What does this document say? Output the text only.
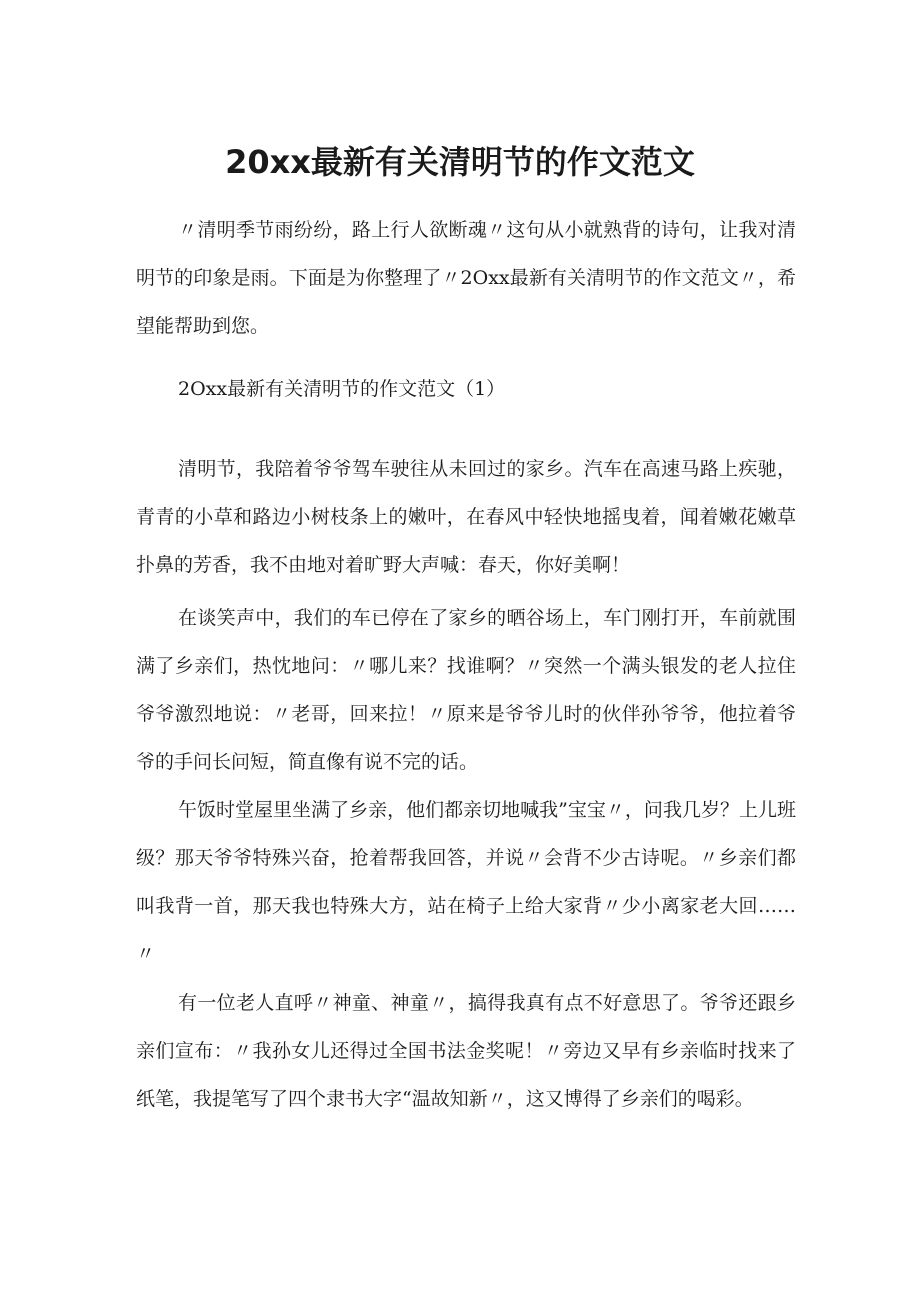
20xx最新有关清明节的作文范文

〃清明季节雨纷纷，路上行人欲断魂〃这句从小就熟背的诗句，让我对清明节的印象是雨。下面是为你整理了〃2Oxx最新有关清明节的作文范文〃，希望能帮助到您。

2Oxx最新有关清明节的作文范文（1）

清明节，我陪着爷爷驾车驶往从未回过的家乡。汽车在高速马路上疾驰，青青的小草和路边小树枝条上的嫩叶，在春风中轻快地摇曳着，闻着嫩花嫩草扑鼻的芳香，我不由地对着旷野大声喊：春天，你好美啊！

在谈笑声中，我们的车已停在了家乡的晒谷场上，车门刚打开，车前就围满了乡亲们，热忱地问：〃哪儿来？找谁啊？〃突然一个满头银发的老人拉住爷爷激烈地说：〃老哥，回来拉！〃原来是爷爷儿时的伙伴孙爷爷，他拉着爷爷的手问长问短，简直像有说不完的话。

午饭时堂屋里坐满了乡亲，他们都亲切地喊我”宝宝〃，问我几岁？上儿班级？那天爷爷特殊兴奋，抢着帮我回答，并说〃会背不少古诗呢。〃乡亲们都叫我背一首，那天我也特殊大方，站在椅子上给大家背〃少小离家老大回……〃

有一位老人直呼〃神童、神童〃，搞得我真有点不好意思了。爷爷还跟乡亲们宣布：〃我孙女儿还得过全国书法金奖呢！〃旁边又早有乡亲临时找来了纸笔，我提笔写了四个隶书大字“温故知新〃，这又博得了乡亲们的喝彩。
